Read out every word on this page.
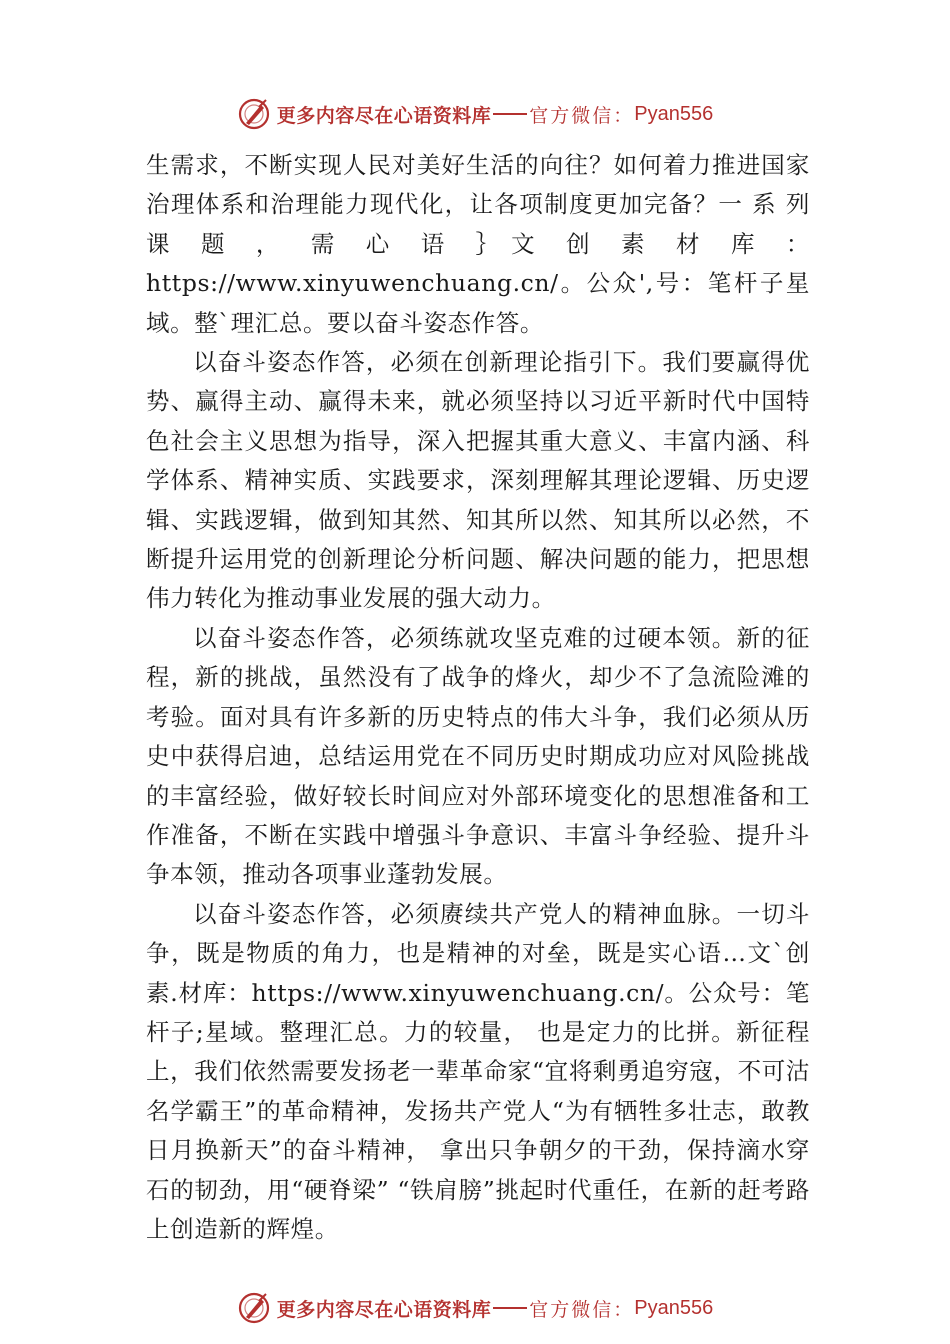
更多内容尽在心语资料库 官方微信： Pyan556

生需求，不断实现人民对美好生活的向往？如何着力推进国家治理体系和治理能力现代化，让各项制度更加完备？一 系 列 课 题 ， 需 心 语 ｝文 创 素 材 库 ： https://www.xinyuwenchuang.cn/。公众',号：笔杆子星域。整`理汇总。要以奋斗姿态作答。

以奋斗姿态作答，必须在创新理论指引下。我们要赢得优势、赢得主动、赢得未来，就必须坚持以习近平新时代中国特色社会主义思想为指导，深入把握其重大意义、丰富内涵、科学体系、精神实质、实践要求，深刻理解其理论逻辑、历史逻辑、实践逻辑，做到知其然、知其所以然、知其所以必然，不断提升运用党的创新理论分析问题、解决问题的能力，把思想伟力转化为推动事业发展的强大动力。

以奋斗姿态作答，必须练就攻坚克难的过硬本领。新的征程，新的挑战，虽然没有了战争的烽火，却少不了急流险滩的考验。面对具有许多新的历史特点的伟大斗争，我们必须从历史中获得启迪，总结运用党在不同历史时期成功应对风险挑战的丰富经验，做好较长时间应对外部环境变化的思想准备和工作准备，不断在实践中增强斗争意识、丰富斗争经验、提升斗争本领，推动各项事业蓬勃发展。

以奋斗姿态作答，必须赓续共产党人的精神血脉。一切斗争，既是物质的角力，也是精神的对垒，既是实心语…文`创素.材库：https://www.xinyuwenchuang.cn/。公众号：笔杆子;星域。整理汇总。力的较量， 也是定力的比拼。新征程上，我们依然需要发扬老一辈革命家“宜将剩勇追穷寇，不可沽名学霸王”的革命精神，发扬共产党人“为有牺牲多壮志，敢教日月换新天”的奋斗精神， 拿出只争朝夕的干劲，保持滴水穿石的韧劲，用“硬脊梁” “铁肩膀”挑起时代重任，在新的赶考路上创造新的辉煌。

更多内容尽在心语资料库 官方微信： Pyan556
